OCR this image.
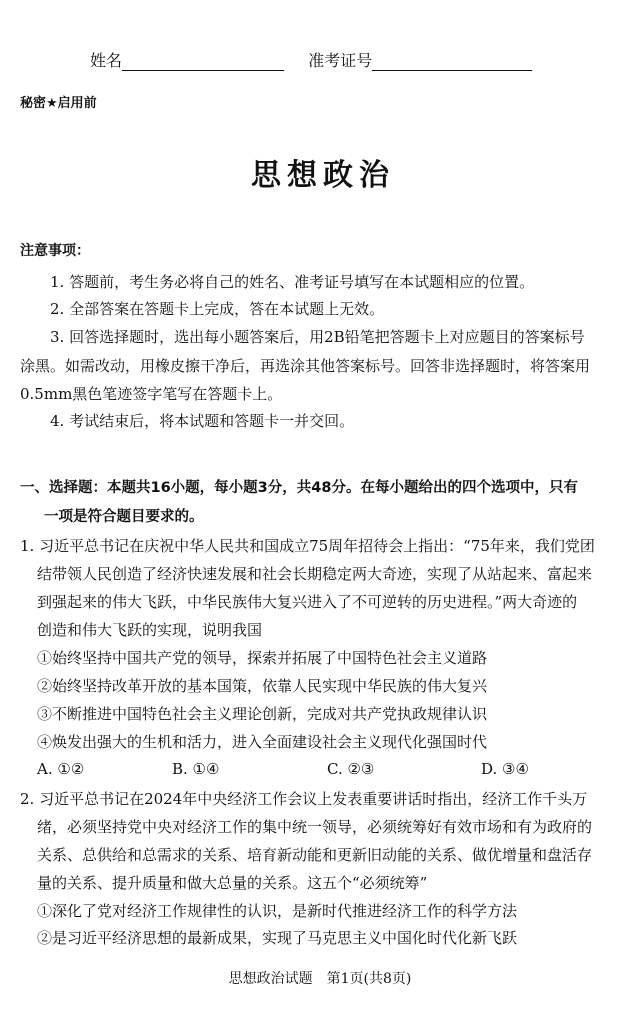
姓名	准考证号
秘密★启用前
思想政治
注意事项：
1. 答题前，考生务必将自己的姓名、准考证号填写在本试题相应的位置。
2. 全部答案在答题卡上完成，答在本试题上无效。
3. 回答选择题时，选出每小题答案后，用2B铅笔把答题卡上对应题目的答案标号
涂黑。如需改动，用橡皮擦干净后，再选涂其他答案标号。回答非选择题时，将答案用
0.5mm黑色笔迹签字笔写在答题卡上。
4. 考试结束后，将本试题和答题卡一并交回。
一、选择题：本题共16小题，每小题3分，共48分。在每小题给出的四个选项中，只有
一项是符合题目要求的。
1. 习近平总书记在庆祝中华人民共和国成立75周年招待会上指出：“75年来，我们党团
结带领人民创造了经济快速发展和社会长期稳定两大奇迹，实现了从站起来、富起来
到强起来的伟大飞跃，中华民族伟大复兴进入了不可逆转的历史进程。”两大奇迹的
创造和伟大飞跃的实现，说明我国
①始终坚持中国共产党的领导，探索并拓展了中国特色社会主义道路
②始终坚持改革开放的基本国策，依靠人民实现中华民族的伟大复兴
③不断推进中国特色社会主义理论创新，完成对共产党执政规律认识
④焕发出强大的生机和活力，进入全面建设社会主义现代化强国时代
A. ①②	B. ①④	C. ②③	D. ③④
2. 习近平总书记在2024年中央经济工作会议上发表重要讲话时指出，经济工作千头万
绪，必须坚持党中央对经济工作的集中统一领导，必须统筹好有效市场和有为政府的
关系、总供给和总需求的关系、培育新动能和更新旧动能的关系、做优增量和盘活存
量的关系、提升质量和做大总量的关系。这五个“必须统筹”
①深化了党对经济工作规律性的认识，是新时代推进经济工作的科学方法
②是习近平经济思想的最新成果，实现了马克思主义中国化时代化新飞跃
思想政治试题　第1页(共8页)
